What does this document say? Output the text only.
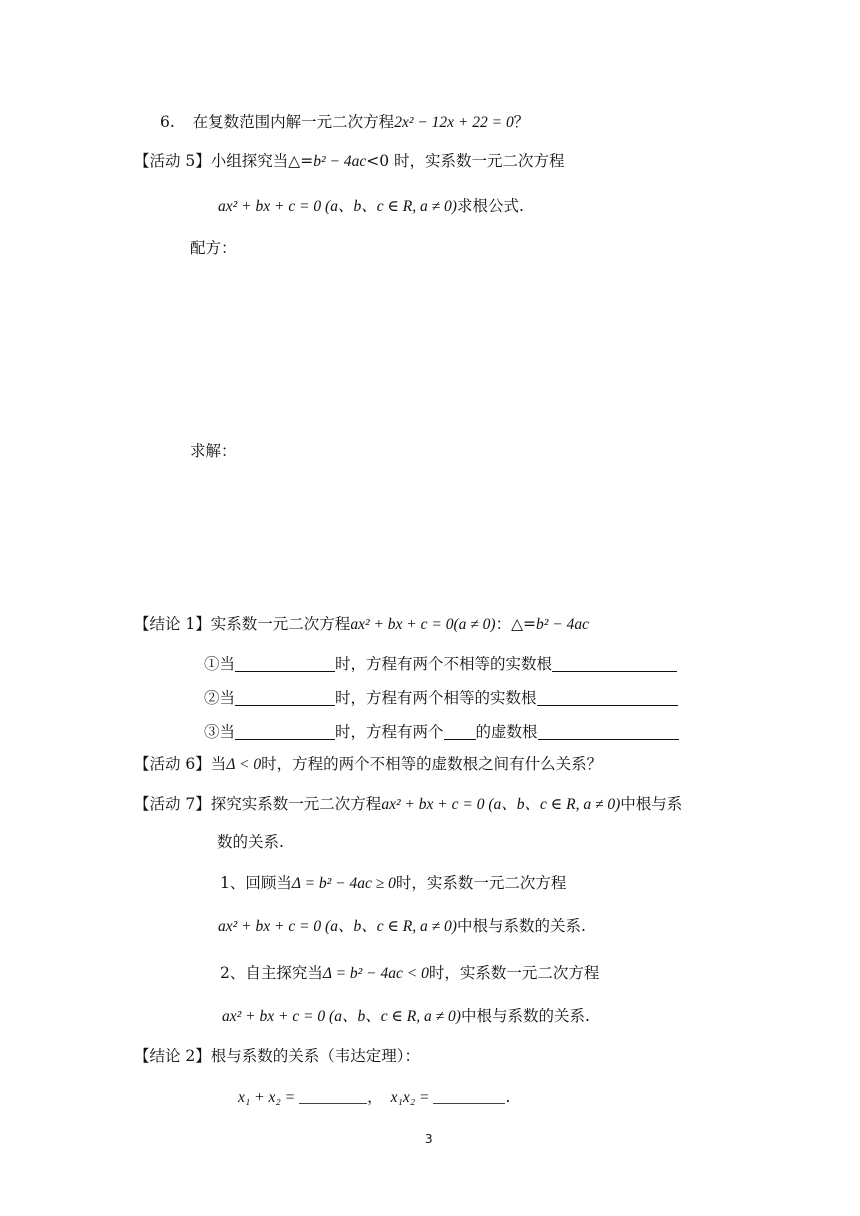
6. 在复数范围内解一元二次方程2x² − 12x + 22 = 0？
【活动 5】小组探究当△=b² − 4ac<0 时，实系数一元二次方程
ax² + bx + c = 0 (a、b、c ∈ R, a ≠ 0)求根公式.
配方：
求解：
【结论 1】实系数一元二次方程ax² + bx + c = 0(a ≠ 0)：△=b² − 4ac
①当	时，方程有两个不相等的实数根
②当	时，方程有两个相等的实数根
③当	时，方程有两个 的虚数根
【活动 6】当Δ < 0时，方程的两个不相等的虚数根之间有什么关系？
【活动 7】探究实系数一元二次方程ax² + bx + c = 0 (a、b、c ∈ R, a ≠ 0)中根与系
数的关系.
1、回顾当Δ = b² − 4ac ≥ 0时，实系数一元二次方程
ax² + bx + c = 0 (a、b、c ∈ R, a ≠ 0)中根与系数的关系.
2、自主探究当Δ = b² − 4ac < 0时，实系数一元二次方程
ax² + bx + c = 0 (a、b、c ∈ R, a ≠ 0)中根与系数的关系.
【结论 2】根与系数的关系（韦达定理）：
x₁ + x₂ =	， x₁x₂ =	.
3
